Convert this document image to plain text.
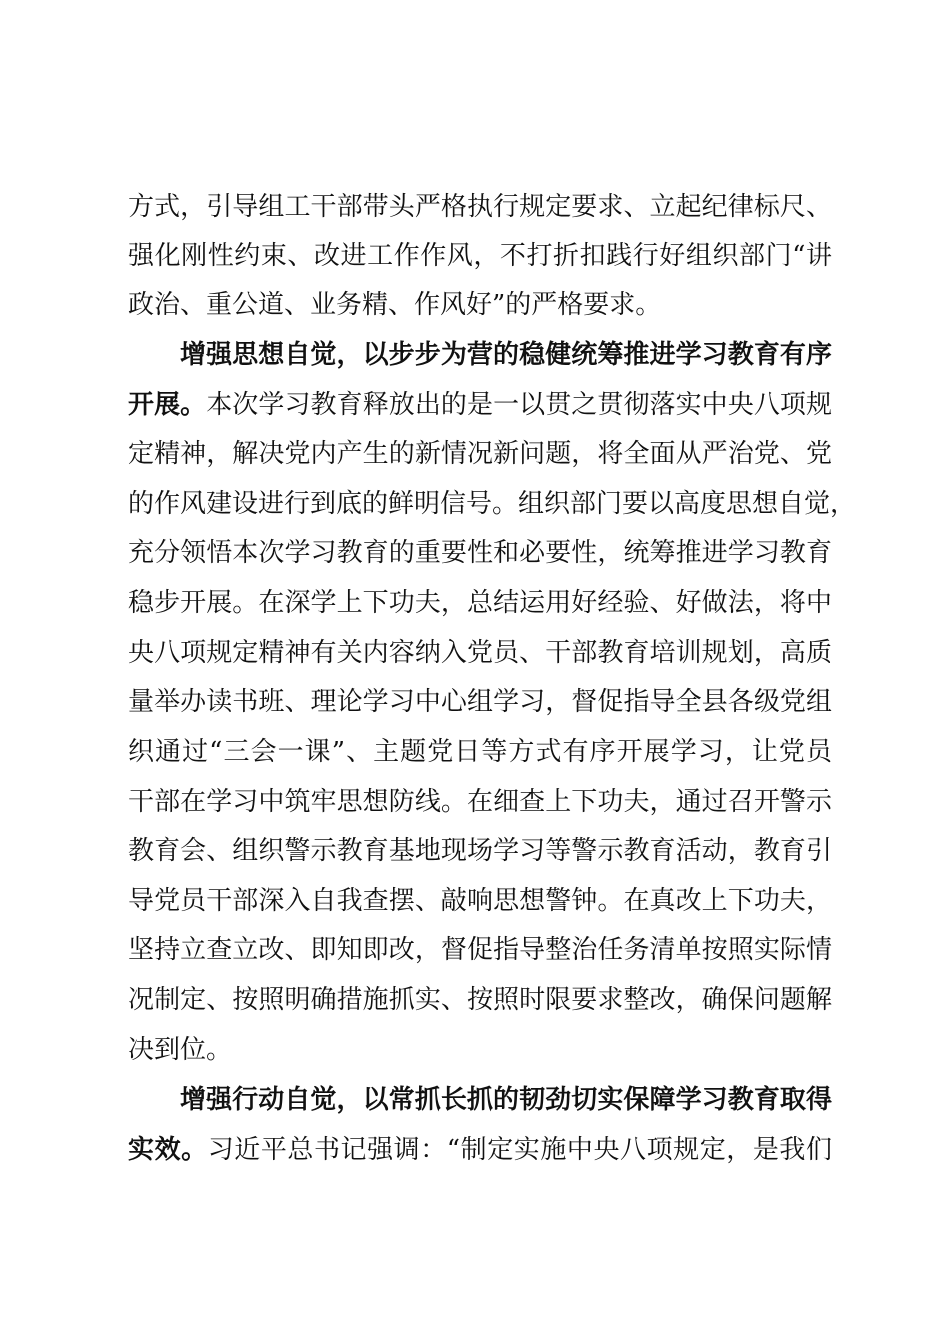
方式，引导组工干部带头严格执行规定要求、立起纪律标尺、
强化刚性约束、改进工作作风，不打折扣践行好组织部门“讲
政治、重公道、业务精、作风好”的严格要求。
增强思想自觉，以步步为营的稳健统筹推进学习教育有序
开展。本次学习教育释放出的是一以贯之贯彻落实中央八项规
定精神，解决党内产生的新情况新问题，将全面从严治党、党
的作风建设进行到底的鲜明信号。组织部门要以高度思想自觉，
充分领悟本次学习教育的重要性和必要性，统筹推进学习教育
稳步开展。在深学上下功夫，总结运用好经验、好做法，将中
央八项规定精神有关内容纳入党员、干部教育培训规划，高质
量举办读书班、理论学习中心组学习，督促指导全县各级党组
织通过“三会一课”、主题党日等方式有序开展学习，让党员
干部在学习中筑牢思想防线。在细查上下功夫，通过召开警示
教育会、组织警示教育基地现场学习等警示教育活动，教育引
导党员干部深入自我查摆、敲响思想警钟。在真改上下功夫，
坚持立查立改、即知即改，督促指导整治任务清单按照实际情
况制定、按照明确措施抓实、按照时限要求整改，确保问题解
决到位。
增强行动自觉，以常抓长抓的韧劲切实保障学习教育取得
实效。习近平总书记强调：“制定实施中央八项规定，是我们
